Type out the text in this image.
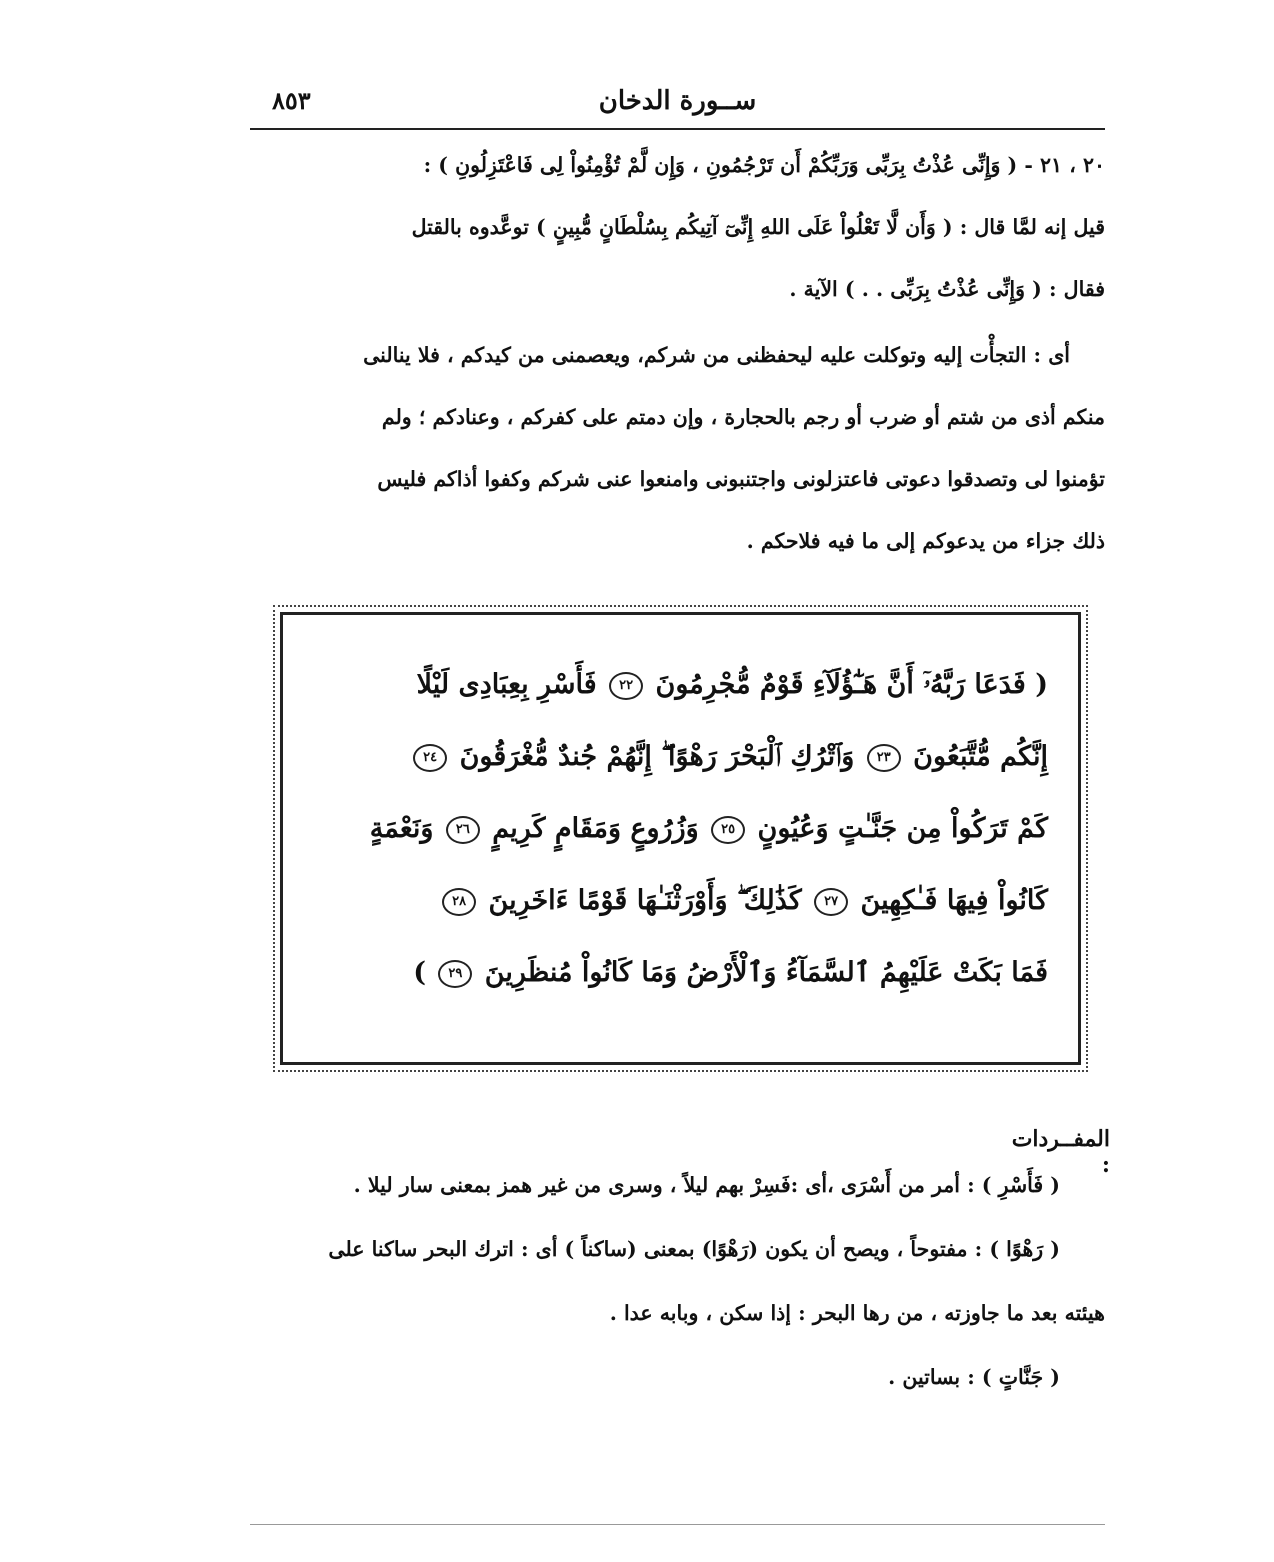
ســورة الدخان
٨٥٣
٢٠ ، ٢١ - ( وَإِنِّى عُذْتُ بِرَبِّى وَرَبِّكُمْ أَن تَرْجُمُونِ ، وَإِن لَّمْ تُؤْمِنُواْ لِى فَاعْتَزِلُونِ ) :
قيل إنه لمَّا قال : ( وَأَن لَّا تَعْلُواْ عَلَى اللهِ إِنِّىٓ آتِيكُم بِسُلْطَانٍ مُّبِينٍ ) توعَّدوه بالقتل
فقال : ( وَإِنِّى عُذْتُ بِرَبِّى . . ) الآية .
أى : التجأْت إليه وتوكلت عليه ليحفظنى من شركم، ويعصمنى من كيدكم ، فلا ينالنى
منكم أذى من شتم أو ضرب أو رجم بالحجارة ، وإن دمتم على كفركم ، وعنادكم ؛ ولم
تؤمنوا لى وتصدقوا دعوتى فاعتزلونى واجتنبونى وامنعوا عنى شركم وكفوا أذاكم فليس
ذلك جزاء من يدعوكم إلى ما فيه فلاحكم .
( فَدَعَا رَبَّهُۥٓ أَنَّ هَـٰٓؤُلَآءِ قَوْمٌ مُّجْرِمُونَ ٢٢ فَأَسْرِ بِعِبَادِى لَيْلًا
إِنَّكُم مُّتَّبَعُونَ ٢٣ وَٱتْرُكِ ٱلْبَحْرَ رَهْوًا ۖ إِنَّهُمْ جُندٌ مُّغْرَقُونَ ٢٤
كَمْ تَرَكُواْ مِن جَنَّـٰتٍ وَعُيُونٍ ٢٥ وَزُرُوعٍ وَمَقَامٍ كَرِيمٍ ٢٦ وَنَعْمَةٍ
كَانُواْ فِيهَا فَـٰكِهِينَ ٢٧ كَذَٰلِكَ ۖ وَأَوْرَثْنَـٰهَا قَوْمًا ءَاخَرِينَ ٢٨
فَمَا بَكَتْ عَلَيْهِمُ ٱلسَّمَآءُ وَٱلْأَرْضُ وَمَا كَانُواْ مُنظَرِينَ ٢٩ )
المفــردات :
( فَأَسْرِ ) : أمر من أَسْرَى ،أى :فَسِرْ بهم ليلاً ، وسرى من غير همز بمعنى سار ليلا .
( رَهْوًا ) : مفتوحاً ، ويصح أن يكون (رَهْوًا) بمعنى (ساكناً ) أى : اترك البحر ساكنا على
هيئته بعد ما جاوزته ، من رها البحر : إذا سكن ، وبابه عدا .
( جَنَّاتٍ ) : بساتين .
